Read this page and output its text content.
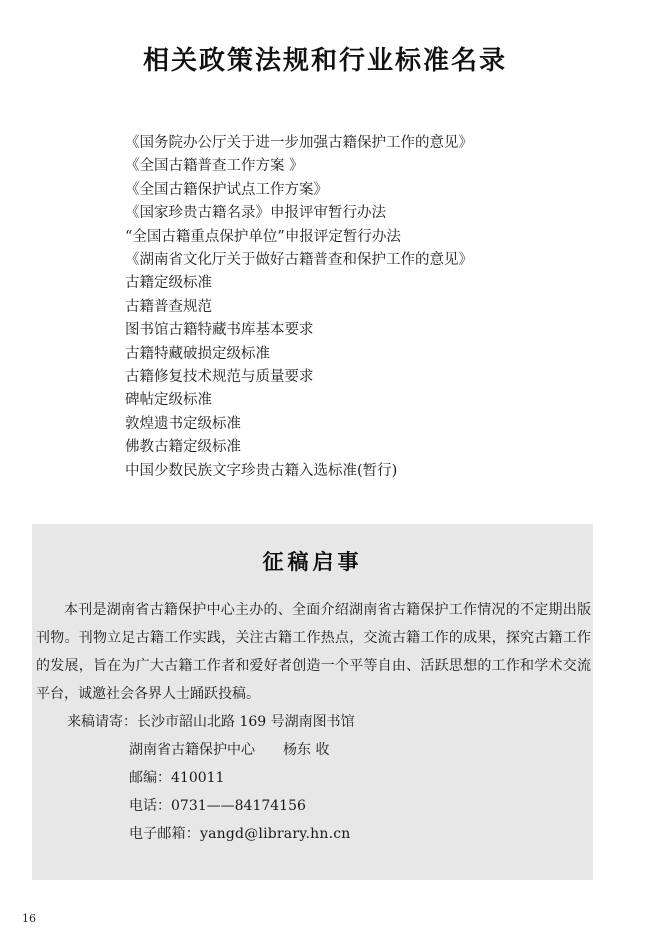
相关政策法规和行业标准名录
《国务院办公厅关于进一步加强古籍保护工作的意见》
《全国古籍普查工作方案 》
《全国古籍保护试点工作方案》
《国家珍贵古籍名录》申报评审暂行办法
“全国古籍重点保护单位”申报评定暂行办法
《湖南省文化厅关于做好古籍普查和保护工作的意见》
古籍定级标准
古籍普查规范
图书馆古籍特藏书库基本要求
古籍特藏破损定级标准
古籍修复技术规范与质量要求
碑帖定级标准
敦煌遗书定级标准
佛教古籍定级标准
中国少数民族文字珍贵古籍入选标准(暂行)
征稿启事

本刊是湖南省古籍保护中心主办的、全面介绍湖南省古籍保护工作情况的不定期出版刊物。刊物立足古籍工作实践，关注古籍工作热点，交流古籍工作的成果，探究古籍工作的发展，旨在为广大古籍工作者和爱好者创造一个平等自由、活跃思想的工作和学术交流平台，诚邀社会各界人士踊跃投稿。

来稿请寄：长沙市韶山北路 169 号湖南图书馆
湖南省古籍保护中心　　杨东 收
邮编：410011
电话：0731——84174156
电子邮箱：yangd@library.hn.cn
16
